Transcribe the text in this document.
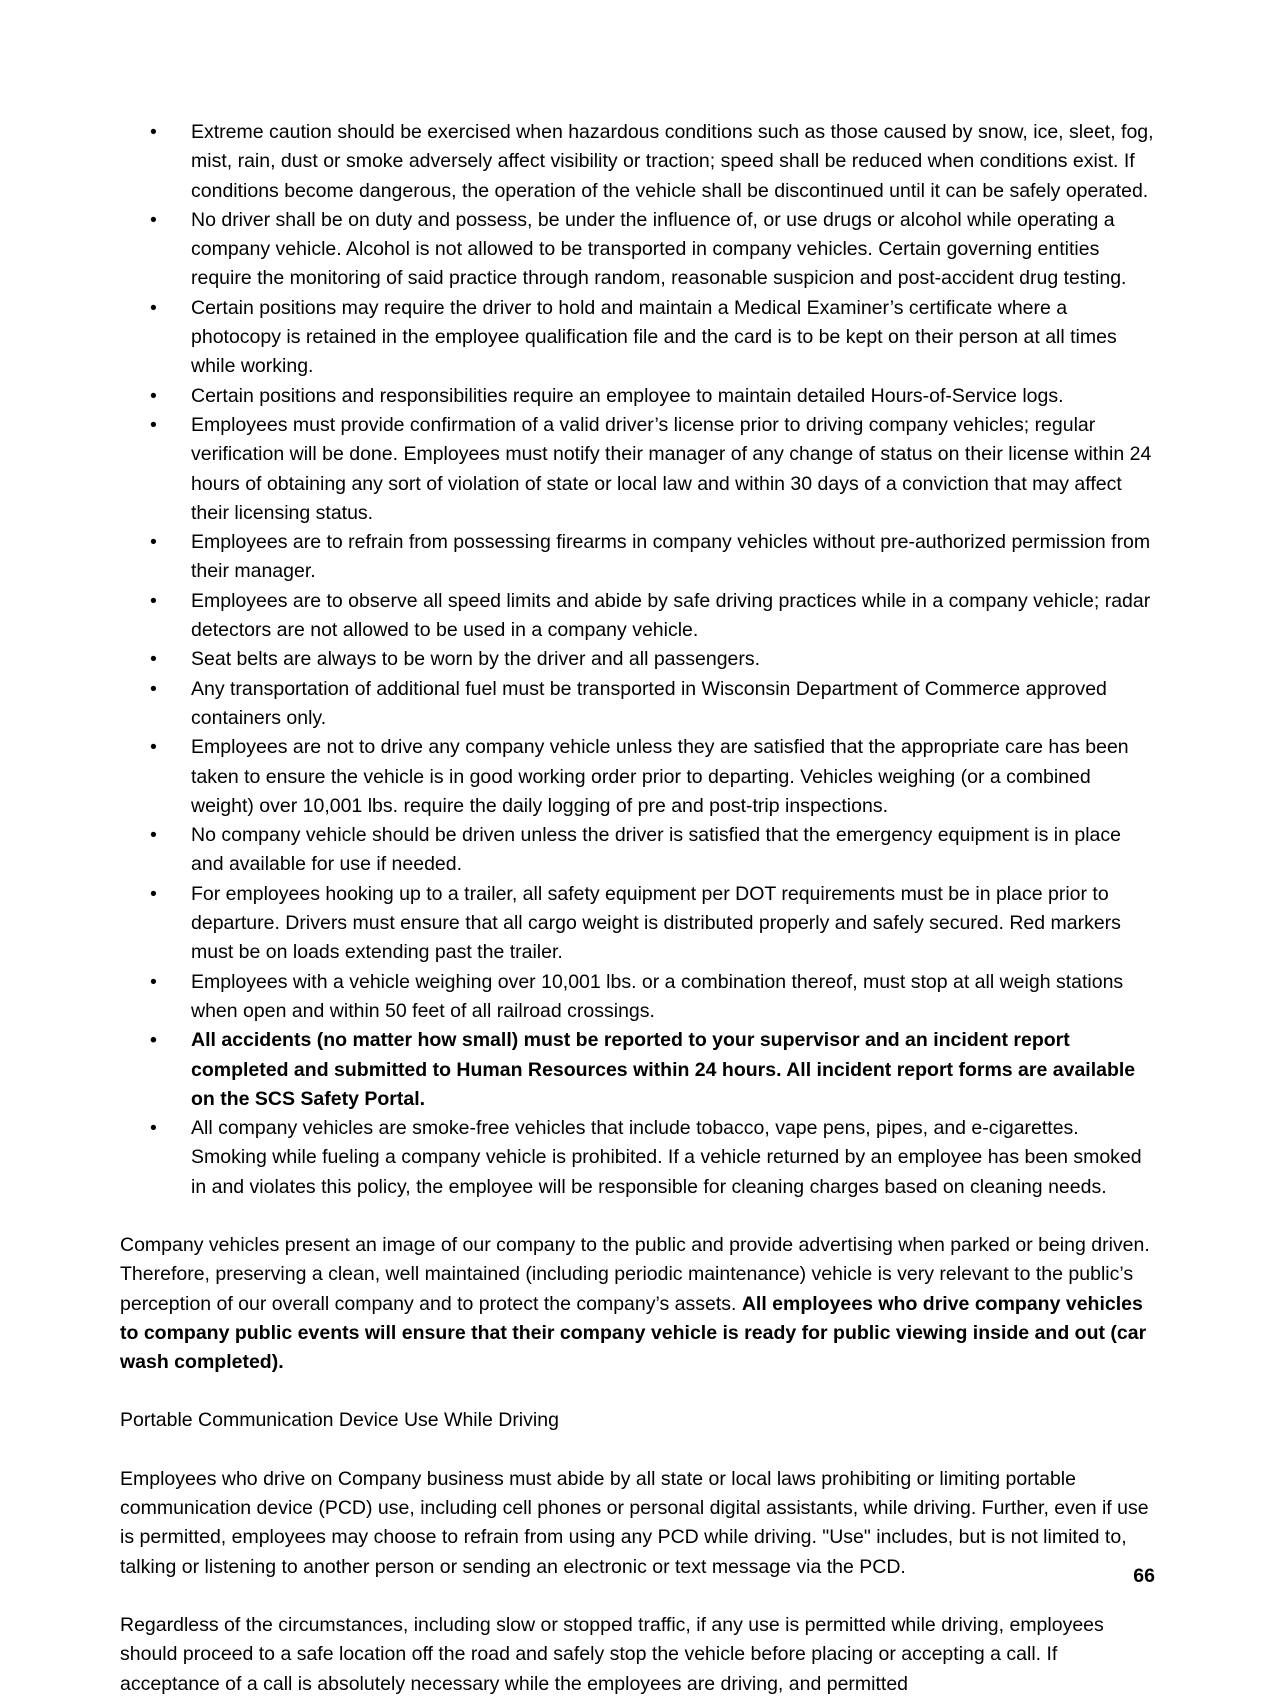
• Extreme caution should be exercised when hazardous conditions such as those caused by snow, ice, sleet, fog, mist, rain, dust or smoke adversely affect visibility or traction; speed shall be reduced when conditions exist. If conditions become dangerous, the operation of the vehicle shall be discontinued until it can be safely operated.
• No driver shall be on duty and possess, be under the influence of, or use drugs or alcohol while operating a company vehicle. Alcohol is not allowed to be transported in company vehicles. Certain governing entities require the monitoring of said practice through random, reasonable suspicion and post-accident drug testing.
• Certain positions may require the driver to hold and maintain a Medical Examiner’s certificate where a photocopy is retained in the employee qualification file and the card is to be kept on their person at all times while working.
• Certain positions and responsibilities require an employee to maintain detailed Hours-of-Service logs.
• Employees must provide confirmation of a valid driver’s license prior to driving company vehicles; regular verification will be done. Employees must notify their manager of any change of status on their license within 24 hours of obtaining any sort of violation of state or local law and within 30 days of a conviction that may affect their licensing status.
• Employees are to refrain from possessing firearms in company vehicles without pre-authorized permission from their manager.
• Employees are to observe all speed limits and abide by safe driving practices while in a company vehicle; radar detectors are not allowed to be used in a company vehicle.
• Seat belts are always to be worn by the driver and all passengers.
• Any transportation of additional fuel must be transported in Wisconsin Department of Commerce approved containers only.
• Employees are not to drive any company vehicle unless they are satisfied that the appropriate care has been taken to ensure the vehicle is in good working order prior to departing. Vehicles weighing (or a combined weight) over 10,001 lbs. require the daily logging of pre and post-trip inspections.
• No company vehicle should be driven unless the driver is satisfied that the emergency equipment is in place and available for use if needed.
• For employees hooking up to a trailer, all safety equipment per DOT requirements must be in place prior to departure. Drivers must ensure that all cargo weight is distributed properly and safely secured. Red markers must be on loads extending past the trailer.
• Employees with a vehicle weighing over 10,001 lbs. or a combination thereof, must stop at all weigh stations when open and within 50 feet of all railroad crossings.
• All accidents (no matter how small) must be reported to your supervisor and an incident report completed and submitted to Human Resources within 24 hours. All incident report forms are available on the SCS Safety Portal.
• All company vehicles are smoke-free vehicles that include tobacco, vape pens, pipes, and e-cigarettes. Smoking while fueling a company vehicle is prohibited. If a vehicle returned by an employee has been smoked in and violates this policy, the employee will be responsible for cleaning charges based on cleaning needs.

Company vehicles present an image of our company to the public and provide advertising when parked or being driven. Therefore, preserving a clean, well maintained (including periodic maintenance) vehicle is very relevant to the public’s perception of our overall company and to protect the company’s assets. All employees who drive company vehicles to company public events will ensure that their company vehicle is ready for public viewing inside and out (car wash completed).

Portable Communication Device Use While Driving

Employees who drive on Company business must abide by all state or local laws prohibiting or limiting portable communication device (PCD) use, including cell phones or personal digital assistants, while driving. Further, even if use is permitted, employees may choose to refrain from using any PCD while driving. "Use" includes, but is not limited to, talking or listening to another person or sending an electronic or text message via the PCD.

Regardless of the circumstances, including slow or stopped traffic, if any use is permitted while driving, employees should proceed to a safe location off the road and safely stop the vehicle before placing or accepting a call. If acceptance of a call is absolutely necessary while the employees are driving, and permitted

66
